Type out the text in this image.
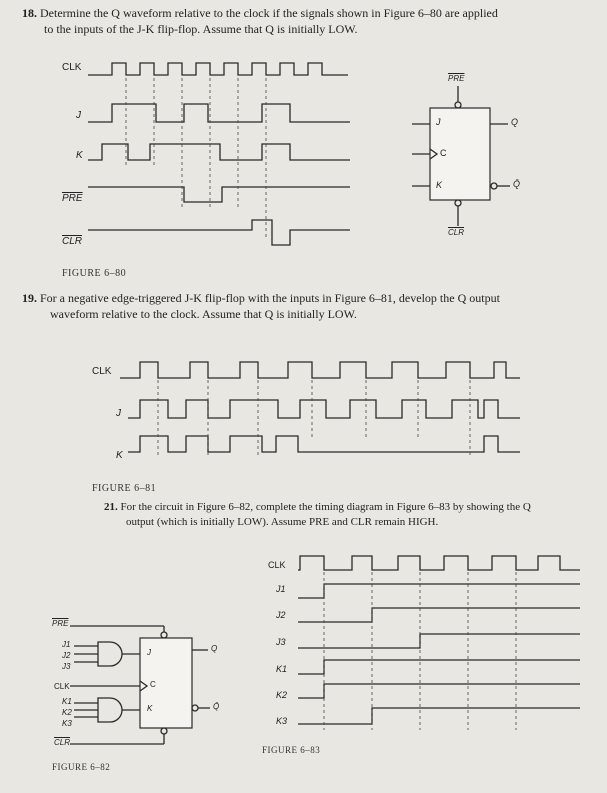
18. Determine the Q waveform relative to the clock if the signals shown in Figure 6–80 are applied
to the inputs of the J-K flip-flop. Assume that Q is initially LOW.
CLK
J
K
$\overline{PRE}$
$\overline{CLR}$
$\overline{PRE}$
J
C
K
Q
Q̄
$\overline{CLR}$
FIGURE 6–80
19. For a negative edge-triggered J-K flip-flop with the inputs in Figure 6–81, develop the Q output
waveform relative to the clock. Assume that Q is initially LOW.
CLK
J
K
FIGURE 6–81
21. For the circuit in Figure 6–82, complete the timing diagram in Figure 6–83 by showing the Q
output (which is initially LOW). Assume PRE and CLR remain HIGH.
$\overline{PRE}$
J1
J2
J3
CLK
K1
K2
K3
$\overline{CLR}$
J
C
K
Q
Q̄
FIGURE 6–82
CLK
J1
J2
J3
K1
K2
K3
FIGURE 6–83
